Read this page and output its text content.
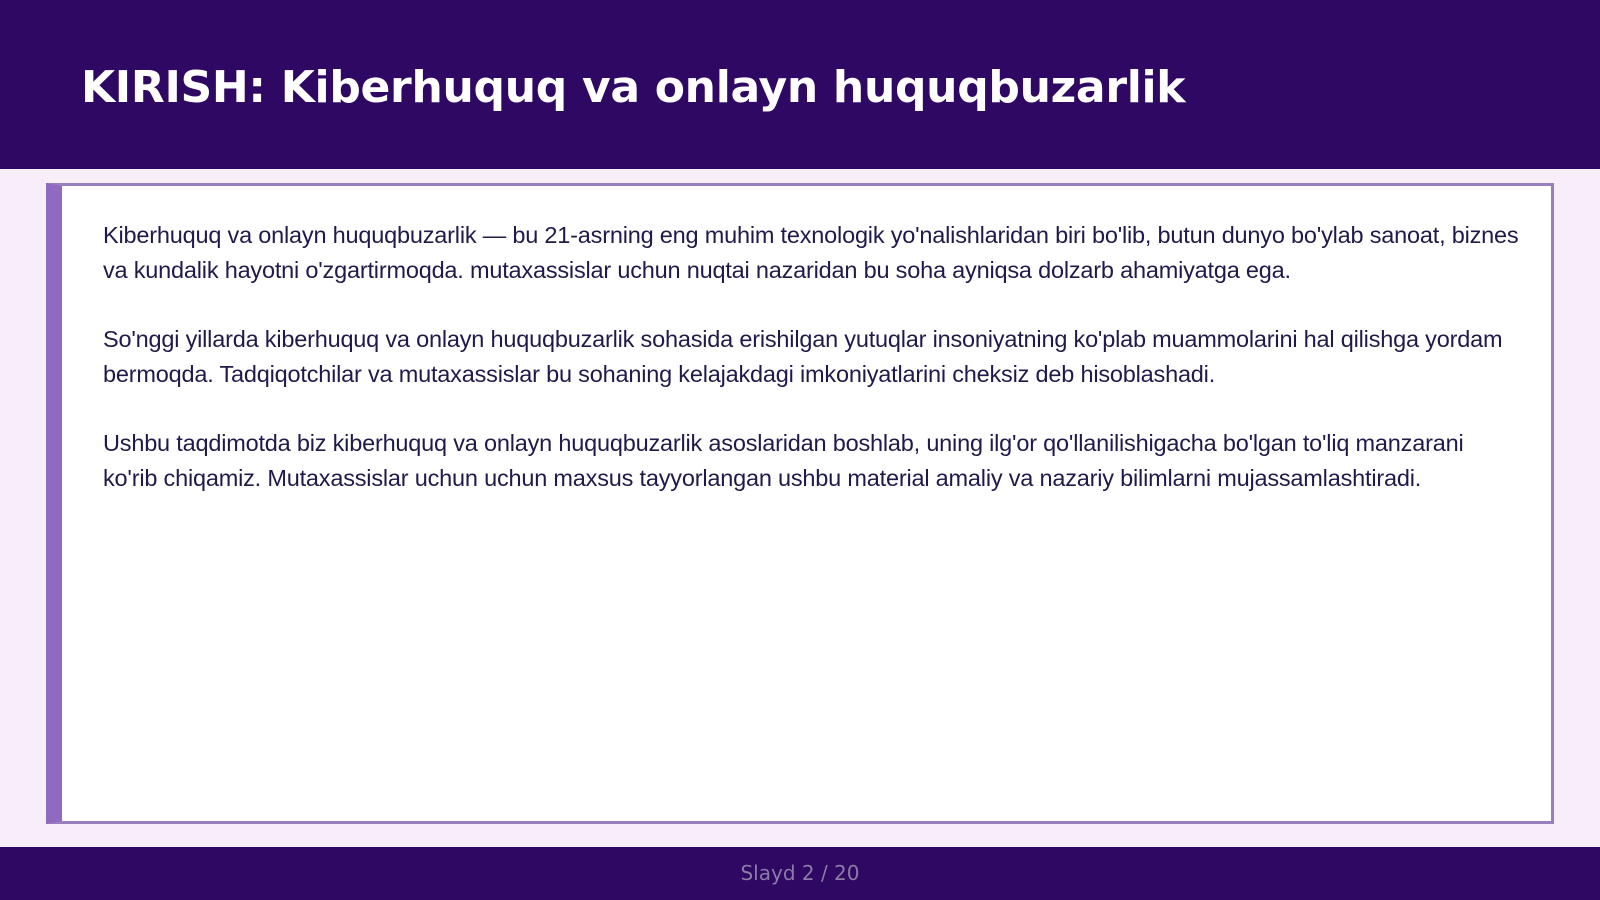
KIRISH: Kiberhuquq va onlayn huquqbuzarlik

Kiberhuquq va onlayn huquqbuzarlik — bu 21-asrning eng muhim texnologik yo'nalishlaridan biri bo'lib, butun dunyo bo'ylab sanoat, biznes va kundalik hayotni o'zgartirmoqda. mutaxassislar uchun nuqtai nazaridan bu soha ayniqsa dolzarb ahamiyatga ega.

So'nggi yillarda kiberhuquq va onlayn huquqbuzarlik sohasida erishilgan yutuqlar insoniyatning ko'plab muammolarini hal qilishga yordam bermoqda. Tadqiqotchilar va mutaxassislar bu sohaning kelajakdagi imkoniyatlarini cheksiz deb hisoblashadi.

Ushbu taqdimotda biz kiberhuquq va onlayn huquqbuzarlik asoslaridan boshlab, uning ilg'or qo'llanilishigacha bo'lgan to'liq manzarani ko'rib chiqamiz. Mutaxassislar uchun uchun maxsus tayyorlangan ushbu material amaliy va nazariy bilimlarni mujassamlashtiradi.

Slayd 2 / 20
